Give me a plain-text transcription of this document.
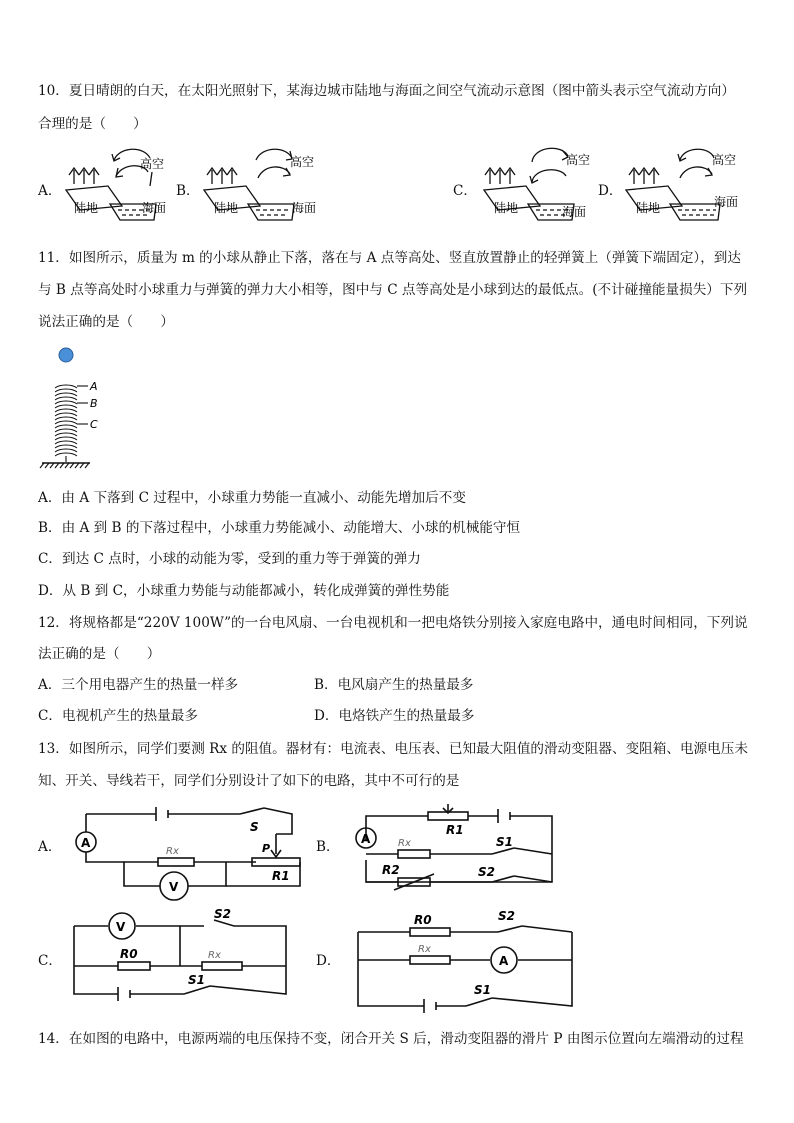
10．夏日晴朗的白天，在太阳光照射下，某海边城市陆地与海面之间空气流动示意图（图中箭头表示空气流动方向）
合理的是（　　）
A．
高空
陆地	海面
B．
高空
陆地	海面
C．
高空
陆地	海面
D．
高空
陆地	海面
11．如图所示，质量为 m 的小球从静止下落，落在与 A 点等高处、竖直放置静止的轻弹簧上（弹簧下端固定），到达
与 B 点等高处时小球重力与弹簧的弹力大小相等，图中与 C 点等高处是小球到达的最低点。(不计碰撞能量损失）下列
说法正确的是（　　）
A
B
C
A．由 A 下落到 C 过程中，小球重力势能一直减小、动能先增加后不变
B．由 A 到 B 的下落过程中，小球重力势能减小、动能增大、小球的机械能守恒
C．到达 C 点时，小球的动能为零，受到的重力等于弹簧的弹力
D．从 B 到 C，小球重力势能与动能都减小，转化成弹簧的弹性势能
12．将规格都是“220V 100W”的一台电风扇、一台电视机和一把电烙铁分别接入家庭电路中，通电时间相同，下列说
法正确的是（　　）
A．三个用电器产生的热量一样多	B．电风扇产生的热量最多
C．电视机产生的热量最多	D．电烙铁产生的热量最多
13．如图所示，同学们要测 Rx 的阻值。器材有：电流表、电压表、已知最大阻值的滑动变阻器、变阻箱、电源电压未
知、开关、导线若干，同学们分别设计了如下的电路，其中不可行的是
A． A
V
S
Rx	P
R1
B． A
R1
Rx	S1
R2	S2
C．
V
R0	Rx
S2
S1
D．
R0
Rx
A
S2
S1
14．在如图的电路中，电源两端的电压保持不变，闭合开关 S 后，滑动变阻器的滑片 P 由图示位置向左端滑动的过程
